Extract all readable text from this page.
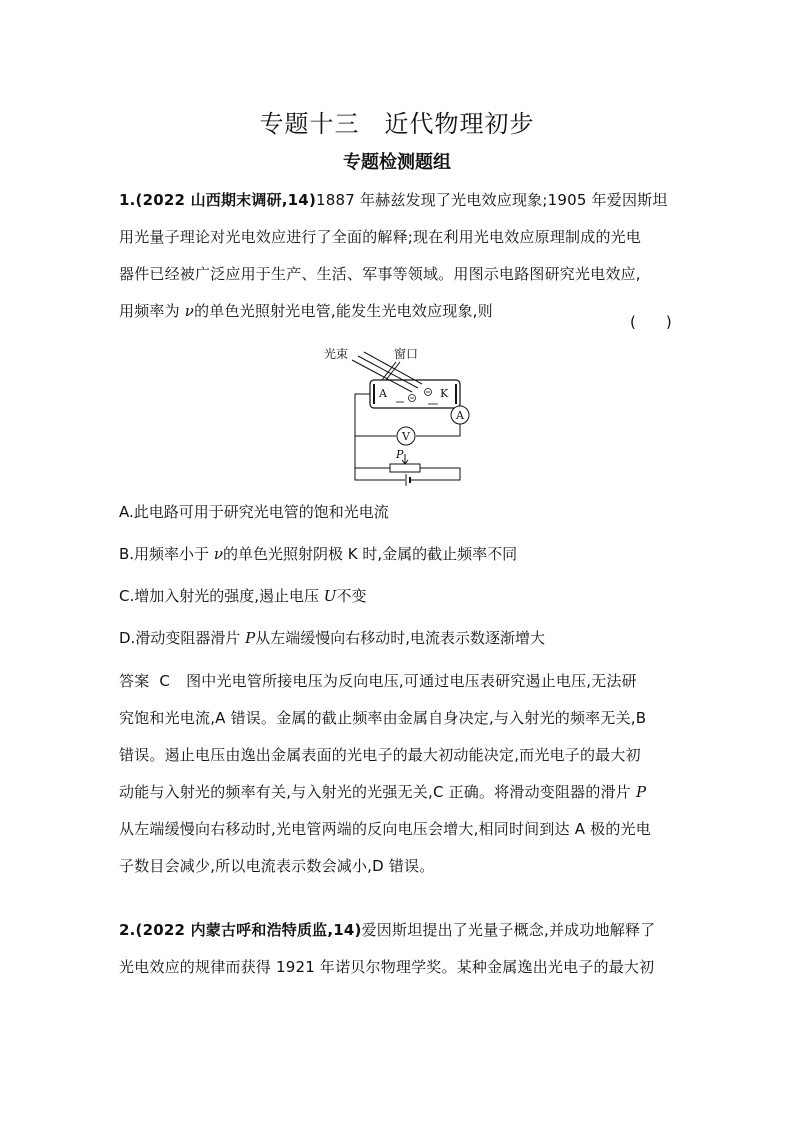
专题十三　近代物理初步
专题检测题组
1.(2022 山西期末调研,14)1887 年赫兹发现了光电效应现象;1905 年爱因斯坦
用光量子理论对光电效应进行了全面的解释;现在利用光电效应原理制成的光电
器件已经被广泛应用于生产、生活、军事等领域。用图示电路图研究光电效应,
用频率为 ν的单色光照射光电管,能发生光电效应现象,则
(　　)
光束	窗口
A	K
A
V
P
A.此电路可用于研究光电管的饱和光电流
B.用频率小于 ν的单色光照射阴极 K 时,金属的截止频率不同
C.增加入射光的强度,遏止电压 U不变
D.滑动变阻器滑片 P从左端缓慢向右移动时,电流表示数逐渐增大
答案 C 图中光电管所接电压为反向电压,可通过电压表研究遏止电压,无法研
究饱和光电流,A 错误。金属的截止频率由金属自身决定,与入射光的频率无关,B
错误。遏止电压由逸出金属表面的光电子的最大初动能决定,而光电子的最大初
动能与入射光的频率有关,与入射光的光强无关,C 正确。将滑动变阻器的滑片 P
从左端缓慢向右移动时,光电管两端的反向电压会增大,相同时间到达 A 极的光电
子数目会减少,所以电流表示数会减小,D 错误。
2.(2022 内蒙古呼和浩特质监,14)爱因斯坦提出了光量子概念,并成功地解释了
光电效应的规律而获得 1921 年诺贝尔物理学奖。某种金属逸出光电子的最大初
